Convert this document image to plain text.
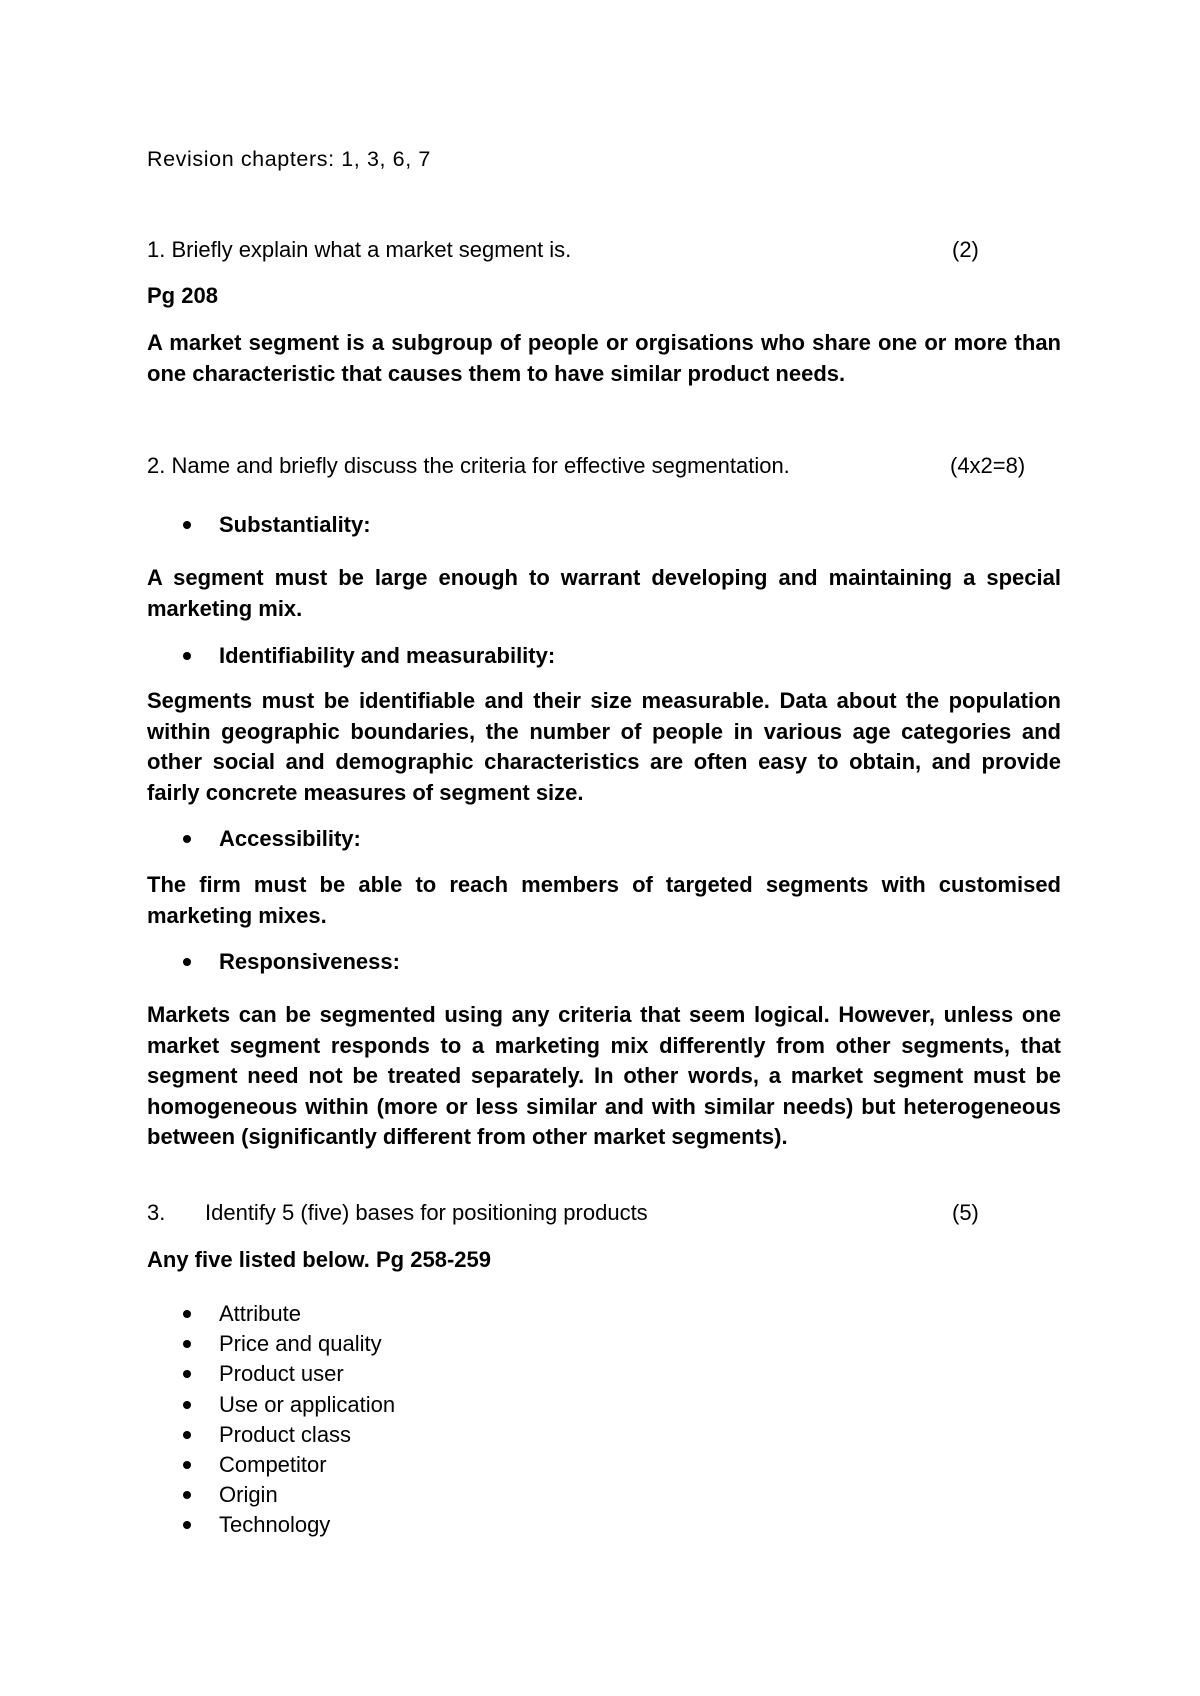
Revision chapters: 1, 3, 6, 7
1. Briefly explain what a market segment is.	(2)
Pg 208

A market segment is a subgroup of people or orgisations who share one or more than one characteristic that causes them to have similar product needs.

2. Name and briefly discuss the criteria for effective segmentation.	(4x2=8)
Substantiality:

A segment must be large enough to warrant developing and maintaining a special marketing mix.

Identifiability and measurability:

Segments must be identifiable and their size measurable. Data about the population within geographic boundaries, the number of people in various age categories and other social and demographic characteristics are often easy to obtain, and provide fairly concrete measures of segment size.

Accessibility:

The firm must be able to reach members of targeted segments with customised marketing mixes.

Responsiveness:

Markets can be segmented using any criteria that seem logical. However, unless one market segment responds to a marketing mix differently from other segments, that segment need not be treated separately. In other words, a market segment must be homogeneous within (more or less similar and with similar needs) but heterogeneous between (significantly different from other market segments).

3. Identify 5 (five) bases for positioning products	(5)
Any five listed below. Pg 258-259
Attribute
Price and quality
Product user
Use or application
Product class
Competitor
Origin
Technology
